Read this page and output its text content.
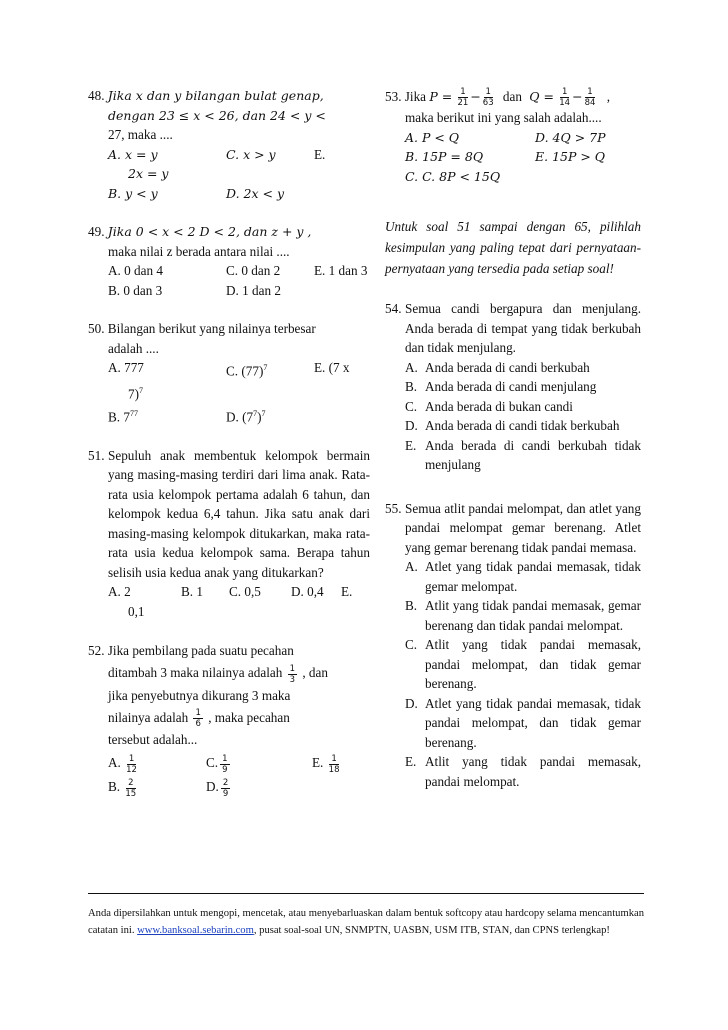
48. Jika x dan y bilangan bulat genap,
dengan 23 ≤ x < 26, dan 24 < y <
27, maka ....
A. x = y	C. x > y	E.
2x = y
B. y < y	D. 2x < y
49. Jika 0 < x < 2 D < 2, dan z + y ,
maka nilai z berada antara nilai ....
A. 0 dan 4	C. 0 dan 2	E. 1 dan 3
B. 0 dan 3	D. 1 dan 2
50. Bilangan berikut yang nilainya terbesar
adalah ....
A. 777	C. $(77)^7$	E. (7 x
7)$^7$
B. $7^{77}$	D. $(7^7)^7$
51. Sepuluh anak membentuk kelompok bermain yang masing-masing terdiri dari lima anak. Rata-rata usia kelompok pertama adalah 6 tahun, dan kelompok kedua 6,4 tahun. Jika satu anak dari masing-masing kelompok ditukarkan, maka rata-rata usia kedua kelompok sama. Berapa tahun selisih usia kedua anak yang ditukarkan?
A. 2	B. 1	C. 0,5	D. 0,4	E.
0,1
52. Jika pembilang pada suatu pecahan
ditambah 3 maka nilainya adalah $\frac{1}{3}$ , dan
jika penyebutnya dikurang 3 maka
nilainya adalah $\frac{1}{6}$ , maka pecahan
tersebut adalah...
A. $\frac{1}{12}$	C. $\frac{1}{9}$	E. $\frac{1}{18}$
B. $\frac{2}{15}$	D. $\frac{2}{9}$
53. Jika $P = \frac{1}{21} - \frac{1}{63}$ dan $Q = \frac{1}{14} - \frac{1}{84}$ ,
maka berikut ini yang salah adalah....
A. P < Q	D. 4Q > 7P
B. 15P = 8Q	E. 15P > Q
C. C. 8P < 15Q
Untuk soal 51 sampai dengan 65, pilihlah kesimpulan yang paling tepat dari pernyataan- pernyataan yang tersedia pada setiap soal!
54. Semua candi bergapura dan menjulang. Anda berada di tempat yang tidak berkubah dan tidak menjulang.
A. Anda berada di candi berkubah
B. Anda berada di candi menjulang
C. Anda berada di bukan candi
D. Anda berada di candi tidak berkubah
E. Anda berada di candi berkubah tidak menjulang
55. Semua atlit pandai melompat, dan atlet yang pandai melompat gemar berenang. Atlet yang gemar berenang tidak pandai memasa.
A. Atlet yang tidak pandai memasak, tidak gemar melompat.
B. Atlit yang tidak pandai memasak, gemar berenang dan tidak pandai melompat.
C. Atlit yang tidak pandai memasak, pandai melompat, dan tidak gemar berenang.
D. Atlet yang tidak pandai memasak, tidak pandai melompat, dan tidak gemar berenang.
E. Atlit yang tidak pandai memasak, pandai melompat.
Anda dipersilahkan untuk mengopi, mencetak, atau menyebarluaskan dalam bentuk softcopy atau hardcopy selama mencantumkan catatan ini. www.banksoal.sebarin.com, pusat soal-soal UN, SNMPTN, UASBN, USM ITB, STAN, dan CPNS terlengkap!
